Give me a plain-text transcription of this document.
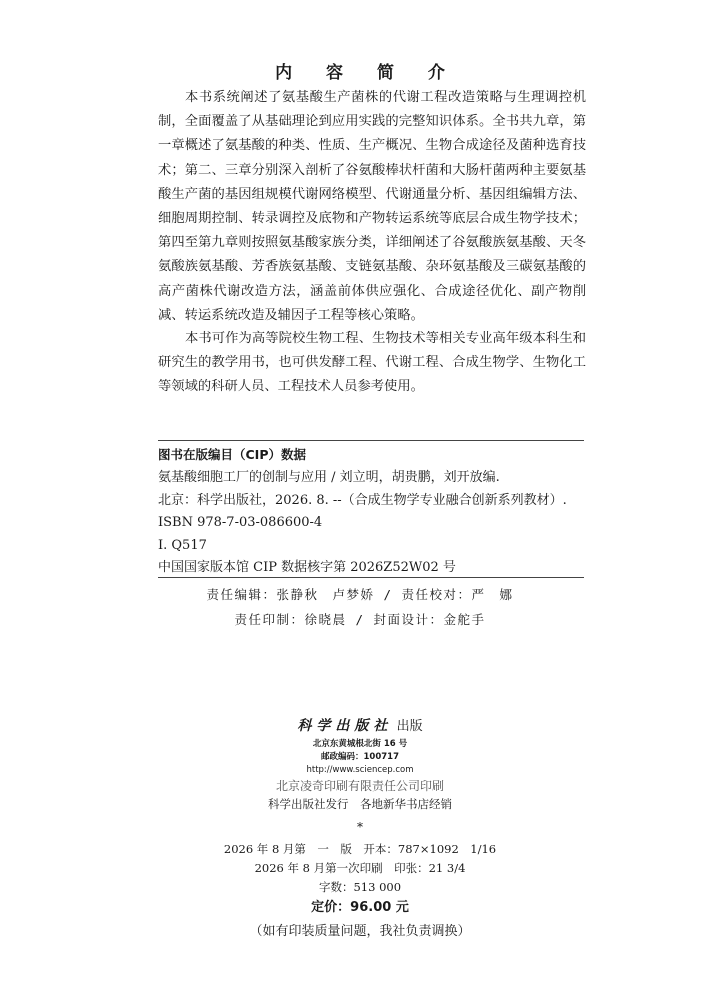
内 容 简 介

本书系统阐述了氨基酸生产菌株的代谢工程改造策略与生理调控机制，全面覆盖了从基础理论到应用实践的完整知识体系。全书共九章，第一章概述了氨基酸的种类、性质、生产概况、生物合成途径及菌种选育技术；第二、三章分别深入剖析了谷氨酸棒状杆菌和大肠杆菌两种主要氨基酸生产菌的基因组规模代谢网络模型、代谢通量分析、基因组编辑方法、细胞周期控制、转录调控及底物和产物转运系统等底层合成生物学技术；第四至第九章则按照氨基酸家族分类，详细阐述了谷氨酸族氨基酸、天冬氨酸族氨基酸、芳香族氨基酸、支链氨基酸、杂环氨基酸及三碳氨基酸的高产菌株代谢改造方法，涵盖前体供应强化、合成途径优化、副产物削减、转运系统改造及辅因子工程等核心策略。

本书可作为高等院校生物工程、生物技术等相关专业高年级本科生和研究生的教学用书，也可供发酵工程、代谢工程、合成生物学、生物化工等领域的科研人员、工程技术人员参考使用。

图书在版编目（CIP）数据
氨基酸细胞工厂的创制与应用 / 刘立明，胡贵鹏，刘开放编.
北京：科学出版社，2026. 8. --（合成生物学专业融合创新系列教材）.
ISBN 978-7-03-086600-4
Ⅰ. Q517
中国国家版本馆 CIP 数据核字第 2026Z52W02 号
责任编辑：张静秋　卢梦娇 / 责任校对：严　娜
责任印制：徐晓晨 / 封面设计：金舵手
科学出版社 出版
北京东黄城根北街 16 号
邮政编码：100717
http://www.sciencep.com
北京凌奇印刷有限责任公司印刷
科学出版社发行　各地新华书店经销
*
2026 年 8 月第　一　版　开本：787×1092　1/16
2026 年 8 月第一次印刷　印张：21 3/4
字数：513 000
定价：96.00 元
（如有印装质量问题，我社负责调换）
